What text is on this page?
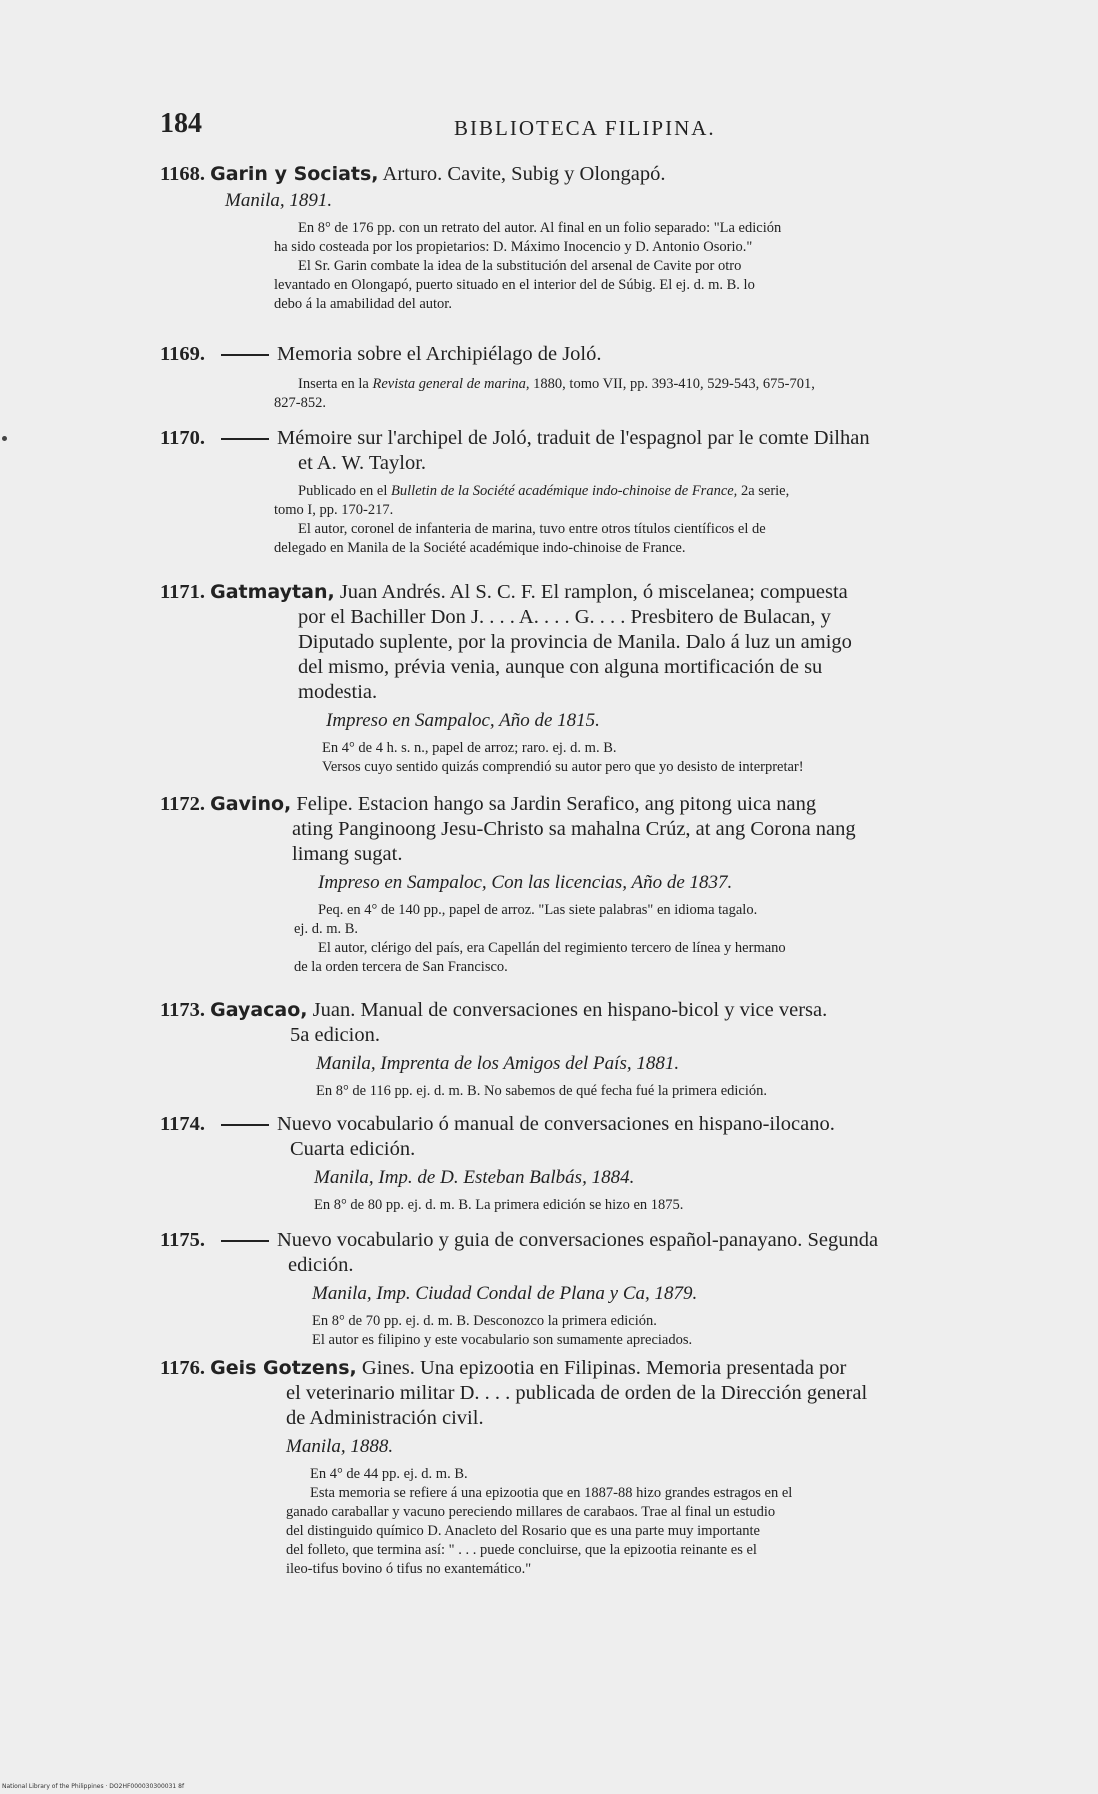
184	BIBLIOTECA FILIPINA.
1168. Garin y Sociats, Arturo. Cavite, Subig y Olongapó.
Manila, 1891.
En 8° de 176 pp. con un retrato del autor. Al final en un folio separado: "La edición
ha sido costeada por los propietarios: D. Máximo Inocencio y D. Antonio Osorio."
El Sr. Garin combate la idea de la substitución del arsenal de Cavite por otro
levantado en Olongapó, puerto situado en el interior del de Súbig. El ej. d. m. B. lo
debo á la amabilidad del autor.
1169.	Memoria sobre el Archipiélago de Joló.
Inserta en la Revista general de marina, 1880, tomo VII, pp. 393-410, 529-543, 675-701,
827-852.
1170.	Mémoire sur l'archipel de Joló, traduit de l'espagnol par le comte Dilhan
et A. W. Taylor.
Publicado en el Bulletin de la Société académique indo-chinoise de France, 2a serie,
tomo I, pp. 170-217.
El autor, coronel de infanteria de marina, tuvo entre otros títulos científicos el de
delegado en Manila de la Société académique indo-chinoise de France.
1171. Gatmaytan, Juan Andrés. Al S. C. F. El ramplon, ó miscelanea; compuesta
por el Bachiller Don J. . . . A. . . . G. . . . Presbitero de Bulacan, y
Diputado suplente, por la provincia de Manila. Dalo á luz un amigo
del mismo, prévia venia, aunque con alguna mortificación de su
modestia.
Impreso en Sampaloc, Año de 1815.
En 4° de 4 h. s. n., papel de arroz; raro. ej. d. m. B.
Versos cuyo sentido quizás comprendió su autor pero que yo desisto de interpretar!
1172. Gavino, Felipe. Estacion hango sa Jardin Serafico, ang pitong uica nang
ating Panginoong Jesu-Christo sa mahalna Crúz, at ang Corona nang
limang sugat.
Impreso en Sampaloc, Con las licencias, Año de 1837.
Peq. en 4° de 140 pp., papel de arroz. "Las siete palabras" en idioma tagalo.
ej. d. m. B.
El autor, clérigo del país, era Capellán del regimiento tercero de línea y hermano
de la orden tercera de San Francisco.
1173. Gayacao, Juan. Manual de conversaciones en hispano-bicol y vice versa.
5a edicion.
Manila, Imprenta de los Amigos del País, 1881.
En 8° de 116 pp. ej. d. m. B. No sabemos de qué fecha fué la primera edición.
1174.	Nuevo vocabulario ó manual de conversaciones en hispano-ilocano.
Cuarta edición.
Manila, Imp. de D. Esteban Balbás, 1884.
En 8° de 80 pp. ej. d. m. B. La primera edición se hizo en 1875.
1175.	Nuevo vocabulario y guia de conversaciones español-panayano. Segunda
edición.
Manila, Imp. Ciudad Condal de Plana y Ca, 1879.
En 8° de 70 pp. ej. d. m. B. Desconozco la primera edición.
El autor es filipino y este vocabulario son sumamente apreciados.
1176. Geis Gotzens, Gines. Una epizootia en Filipinas. Memoria presentada por
el veterinario militar D. . . . publicada de orden de la Dirección general
de Administración civil.
Manila, 1888.
En 4° de 44 pp. ej. d. m. B.
Esta memoria se refiere á una epizootia que en 1887-88 hizo grandes estragos en el
ganado caraballar y vacuno pereciendo millares de carabaos. Trae al final un estudio
del distinguido químico D. Anacleto del Rosario que es una parte muy importante
del folleto, que termina así: " . . . puede concluirse, que la epizootia reinante es el
ileo-tifus bovino ó tifus no exantemático."
National Library of the Philippines · DO2HF000030300031 8f
